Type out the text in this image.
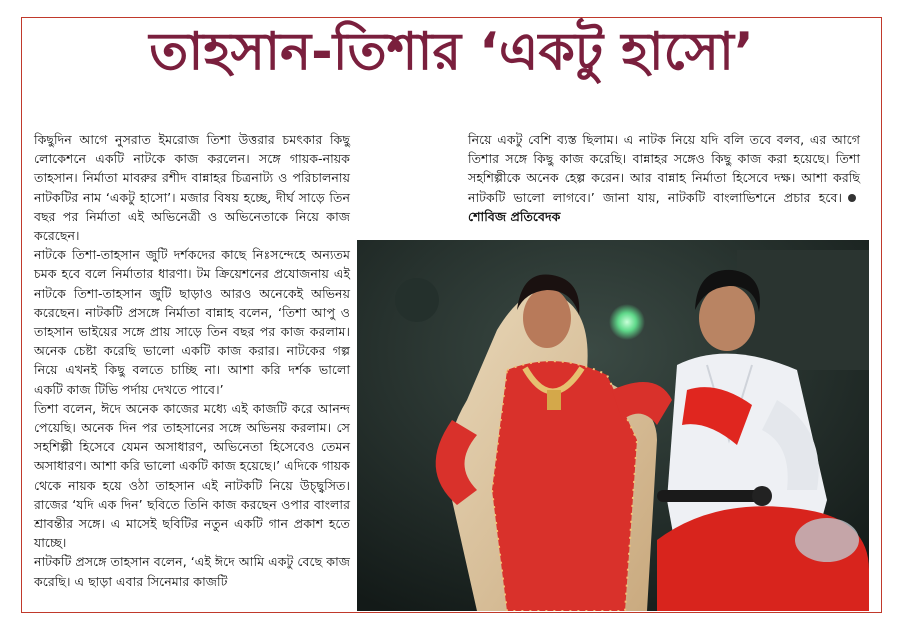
তাহসান-তিশার ‘একটু হাসো’

কিছুদিন আগে নুসরাত ইমরোজ তিশা উত্তরার চমৎকার কিছু লোকেশনে একটি নাটকে কাজ করলেন। সঙ্গে গায়ক-নায়ক তাহসান। নির্মাতা মাবরুর রশীদ বান্নাহর চিত্রনাট্য ও পরিচালনায় নাটকটির নাম ‘একটু হাসো’। মজার বিষয় হচ্ছে, দীর্ঘ সাড়ে তিন বছর পর নির্মাতা এই অভিনেত্রী ও অভিনেতাকে নিয়ে কাজ করেছেন।

নাটকে তিশা-তাহসান জুটি দর্শকদের কাছে নিঃসন্দেহে অন্যতম চমক হবে বলে নির্মাতার ধারণা। টম ক্রিয়েশনের প্রযোজনায় এই নাটকে তিশা-তাহসান জুটি ছাড়াও আরও অনেকেই অভিনয় করেছেন। নাটকটি প্রসঙ্গে নির্মাতা বান্নাহ বলেন, ‘তিশা আপু ও তাহসান ভাইয়ের সঙ্গে প্রায় সাড়ে তিন বছর পর কাজ করলাম। অনেক চেষ্টা করেছি ভালো একটি কাজ করার। নাটকের গল্প নিয়ে এখনই কিছু বলতে চাচ্ছি না। আশা করি দর্শক ভালো একটি কাজ টিভি পর্দায় দেখতে পাবে।’

তিশা বলেন, ঈদে অনেক কাজের মধ্যে এই কাজটি করে আনন্দ পেয়েছি। অনেক দিন পর তাহসানের সঙ্গে অভিনয় করলাম। সে সহশিল্পী হিসেবে যেমন অসাধারণ, অভিনেতা হিসেবেও তেমন অসাধারণ। আশা করি ভালো একটি কাজ হয়েছে।’ এদিকে গায়ক থেকে নায়ক হয়ে ওঠা তাহসান এই নাটকটি নিয়ে উচ্ছ্বসিত। রাজের ‘যদি এক দিন’ ছবিতে তিনি কাজ করছেন ওপার বাংলার শ্রাবন্তীর সঙ্গে। এ মাসেই ছবিটির নতুন একটি গান প্রকাশ হতে যাচ্ছে।

নাটকটি প্রসঙ্গে তাহসান বলেন, ‘এই ঈদে আমি একটু বেছে কাজ করেছি। এ ছাড়া এবার সিনেমার কাজটি

নিয়ে একটু বেশি ব্যস্ত ছিলাম। এ নাটক নিয়ে যদি বলি তবে বলব, এর আগে তিশার সঙ্গে কিছু কাজ করেছি। বান্নাহর সঙ্গেও কিছু কাজ করা হয়েছে। তিশা সহশিল্পীকে অনেক হেল্প করেন। আর বান্নাহ নির্মাতা হিসেবে দক্ষ। আশা করছি নাটকটি ভালো লাগবে।’ জানা যায়, নাটকটি বাংলাভিশনে প্রচার হবে।শোবিজ প্রতিবেদক
